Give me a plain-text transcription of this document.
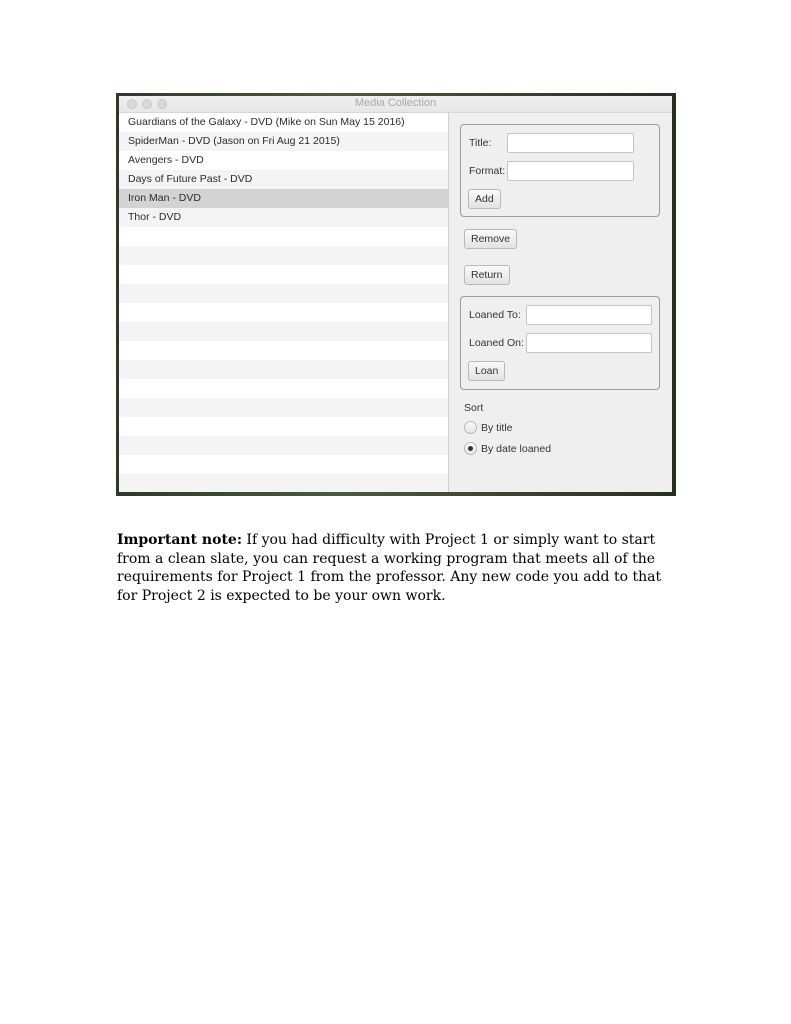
Media Collection
Guardians of the Galaxy - DVD (Mike on Sun May 15 2016)
SpiderMan - DVD (Jason on Fri Aug 21 2015)
Avengers - DVD
Days of Future Past - DVD
Iron Man - DVD
Thor - DVD
Title:
Format:
Add
Remove
Return
Loaned To:
Loaned On:
Loan
Sort
By title
By date loaned
Important note: If you had difficulty with Project 1 or simply want to start from a clean slate, you can request a working program that meets all of the requirements for Project 1 from the professor. Any new code you add to that for Project 2 is expected to be your own work.
